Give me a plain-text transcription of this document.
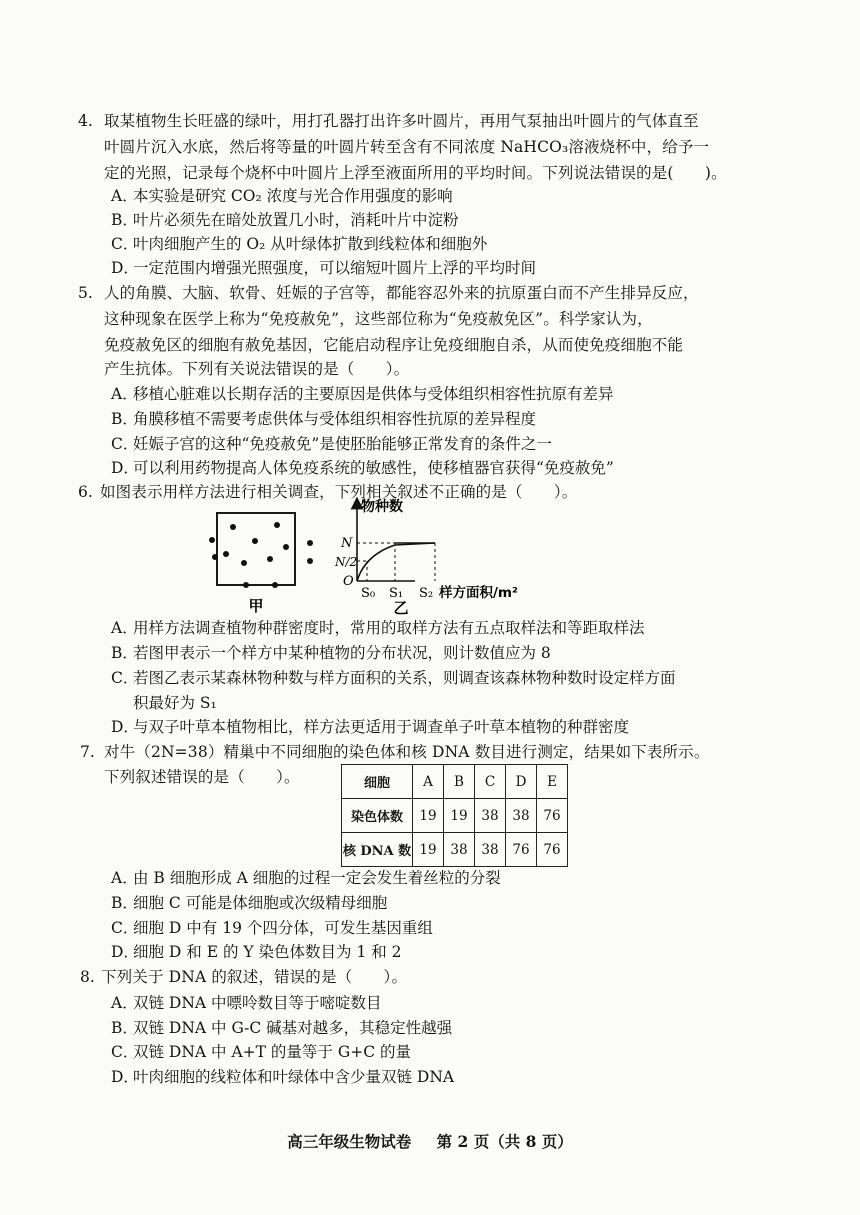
4. 取某植物生长旺盛的绿叶，用打孔器打出许多叶圆片，再用气泵抽出叶圆片的气体直至
叶圆片沉入水底，然后将等量的叶圆片转至含有不同浓度 NaHCO₃溶液烧杯中，给予一
定的光照，记录每个烧杯中叶圆片上浮至液面所用的平均时间。下列说法错误的是(　　)。
A．本实验是研究 CO₂ 浓度与光合作用强度的影响
B．叶片必须先在暗处放置几小时，消耗叶片中淀粉
C．叶肉细胞产生的 O₂ 从叶绿体扩散到线粒体和细胞外
D．一定范围内增强光照强度，可以缩短叶圆片上浮的平均时间
5. 人的角膜、大脑、软骨、妊娠的子宫等，都能容忍外来的抗原蛋白而不产生排异反应，
这种现象在医学上称为“免疫赦免”，这些部位称为“免疫赦免区”。科学家认为，
免疫赦免区的细胞有赦免基因，它能启动程序让免疫细胞自杀，从而使免疫细胞不能
产生抗体。下列有关说法错误的是（　　）。
A．移植心脏难以长期存活的主要原因是供体与受体组织相容性抗原有差异
B．角膜移植不需要考虑供体与受体组织相容性抗原的差异程度
C．妊娠子宫的这种“免疫赦免”是使胚胎能够正常发育的条件之一
D．可以利用药物提高人体免疫系统的敏感性，使移植器官获得“免疫赦免”
6. 如图表示用样方法进行相关调查，下列相关叙述不正确的是（　　）。
甲
物种数
N
N/2
O
S₀ S₁ S₂ 样方面积/m²
乙
A．用样方法调查植物种群密度时，常用的取样方法有五点取样法和等距取样法
B．若图甲表示一个样方中某种植物的分布状况，则计数值应为 8
C．若图乙表示某森林物种数与样方面积的关系，则调查该森林物种数时设定样方面
积最好为 S₁
D．与双子叶草本植物相比，样方法更适用于调查单子叶草本植物的种群密度
7. 对牛（2N=38）精巢中不同细胞的染色体和核 DNA 数目进行测定，结果如下表所示。
下列叙述错误的是（　　）。	细胞	A	B	C	D	E
染色体数	19	19	38	38	76
核 DNA 数	19	38	38	76	76
A．由 B 细胞形成 A 细胞的过程一定会发生着丝粒的分裂
B．细胞 C 可能是体细胞或次级精母细胞
C．细胞 D 中有 19 个四分体，可发生基因重组
D．细胞 D 和 E 的 Y 染色体数目为 1 和 2
8. 下列关于 DNA 的叙述，错误的是（　　）。
A．双链 DNA 中嘌呤数目等于嘧啶数目
B．双链 DNA 中 G-C 碱基对越多，其稳定性越强
C．双链 DNA 中 A+T 的量等于 G+C 的量
D．叶肉细胞的线粒体和叶绿体中含少量双链 DNA
高三年级生物试卷 第 2 页（共 8 页）
